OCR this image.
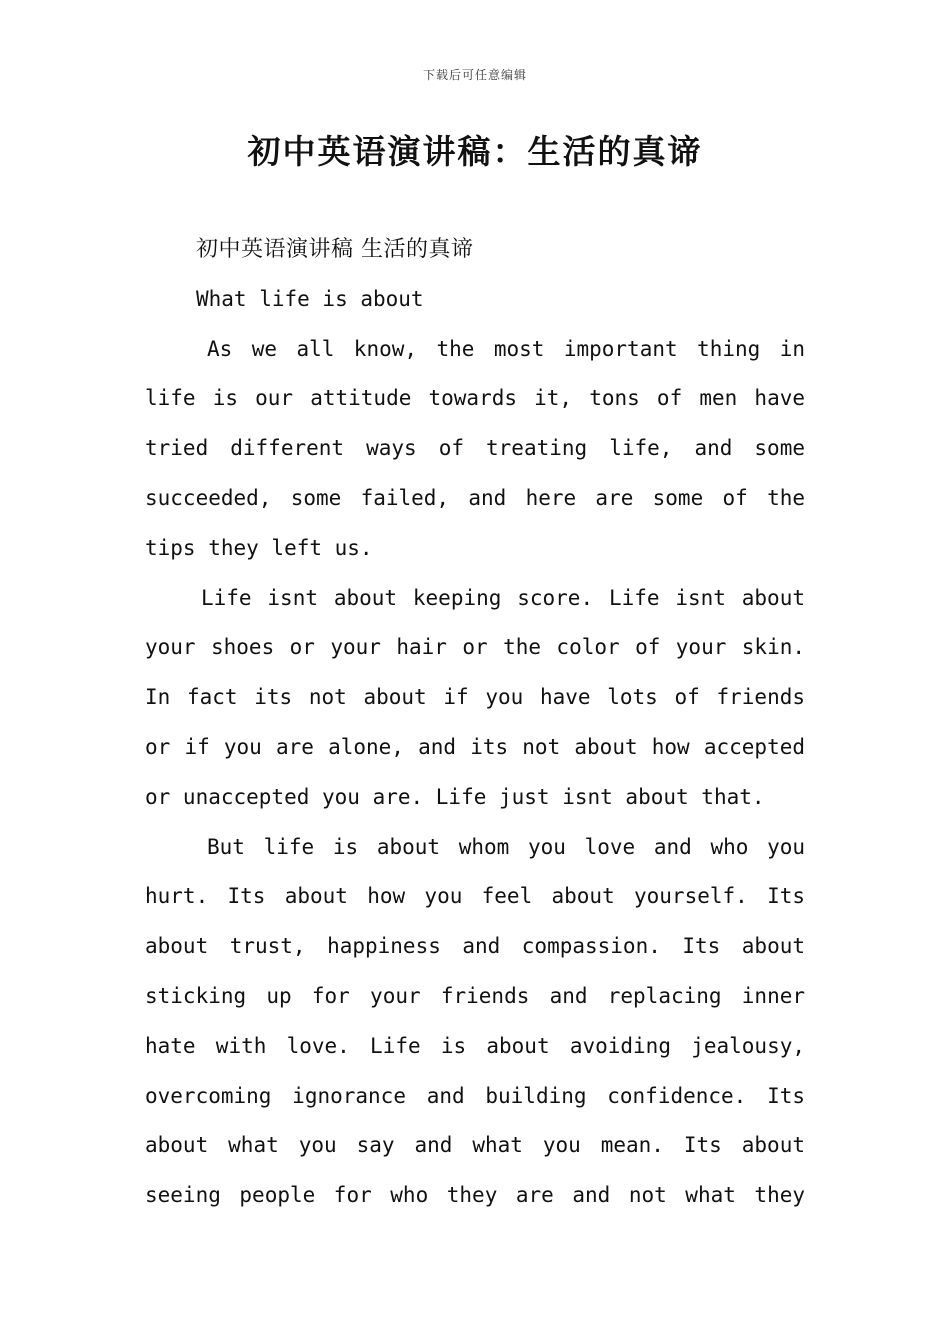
下载后可任意编辑
初中英语演讲稿：生活的真谛
初中英语演讲稿 生活的真谛
What life is about
As we all know, the most important thing in
life is our attitude towards it, tons of men have
tried different ways of treating life, and some
succeeded, some failed, and here are some of the
tips they left us.
Life isnt about keeping score. Life isnt about
your shoes or your hair or the color of your skin.
In fact its not about if you have lots of friends
or if you are alone, and its not about how accepted
or unaccepted you are. Life just isnt about that.
But life is about whom you love and who you
hurt. Its about how you feel about yourself. Its
about trust, happiness and compassion. Its about
sticking up for your friends and replacing inner
hate with love. Life is about avoiding jealousy,
overcoming ignorance and building confidence. Its
about what you say and what you mean. Its about
seeing people for who they are and not what they
